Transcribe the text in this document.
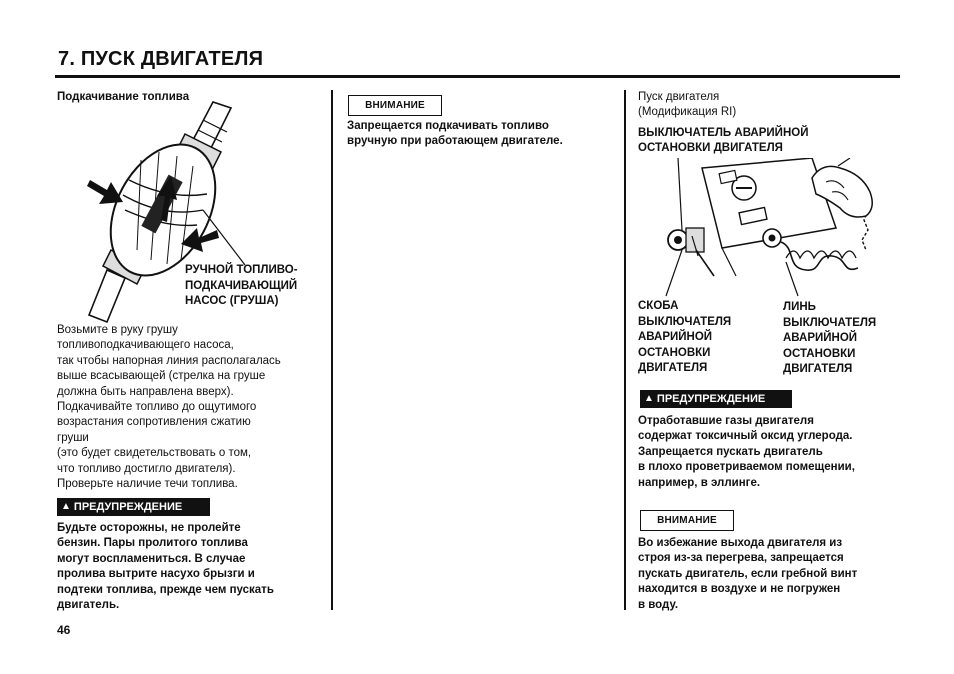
7. ПУСК ДВИГАТЕЛЯ
Подкачивание топлива
РУЧНОЙ ТОПЛИВО-
ПОДКАЧИВАЮЩИЙ
НАСОС (ГРУША)
Возьмите в руку грушу
топливоподкачивающего насоса,
так чтобы напорная линия располагалась
выше всасывающей (стрелка на груше
должна быть направлена вверх).
Подкачивайте топливо до ощутимого
возрастания сопротивления сжатию
груши
(это будет свидетельствовать о том,
что топливо достигло двигателя).
Проверьте наличие течи топлива.
▲ ПРЕДУПРЕЖДЕНИЕ
Будьте осторожны, не пролейте
бензин. Пары пролитого топлива
могут воспламениться. В случае
пролива вытрите насухо брызги и
подтеки топлива, прежде чем пускать
двигатель.
ВНИМАНИЕ
Запрещается подкачивать топливо
вручную при работающем двигателе.
Пуск двигателя
(Модификация RI)
ВЫКЛЮЧАТЕЛЬ АВАРИЙНОЙ
ОСТАНОВКИ ДВИГАТЕЛЯ
СКОБА
ВЫКЛЮЧАТЕЛЯ
АВАРИЙНОЙ
ОСТАНОВКИ
ДВИГАТЕЛЯ
ЛИНЬ
ВЫКЛЮЧАТЕЛЯ
АВАРИЙНОЙ
ОСТАНОВКИ
ДВИГАТЕЛЯ
▲ ПРЕДУПРЕЖДЕНИЕ
Отработавшие газы двигателя
содержат токсичный оксид углерода.
Запрещается пускать двигатель
в плохо проветриваемом помещении,
например, в эллинге.
ВНИМАНИЕ
Во избежание выхода двигателя из
строя из-за перегрева, запрещается
пускать двигатель, если гребной винт
находится в воздухе и не погружен
в воду.
46
